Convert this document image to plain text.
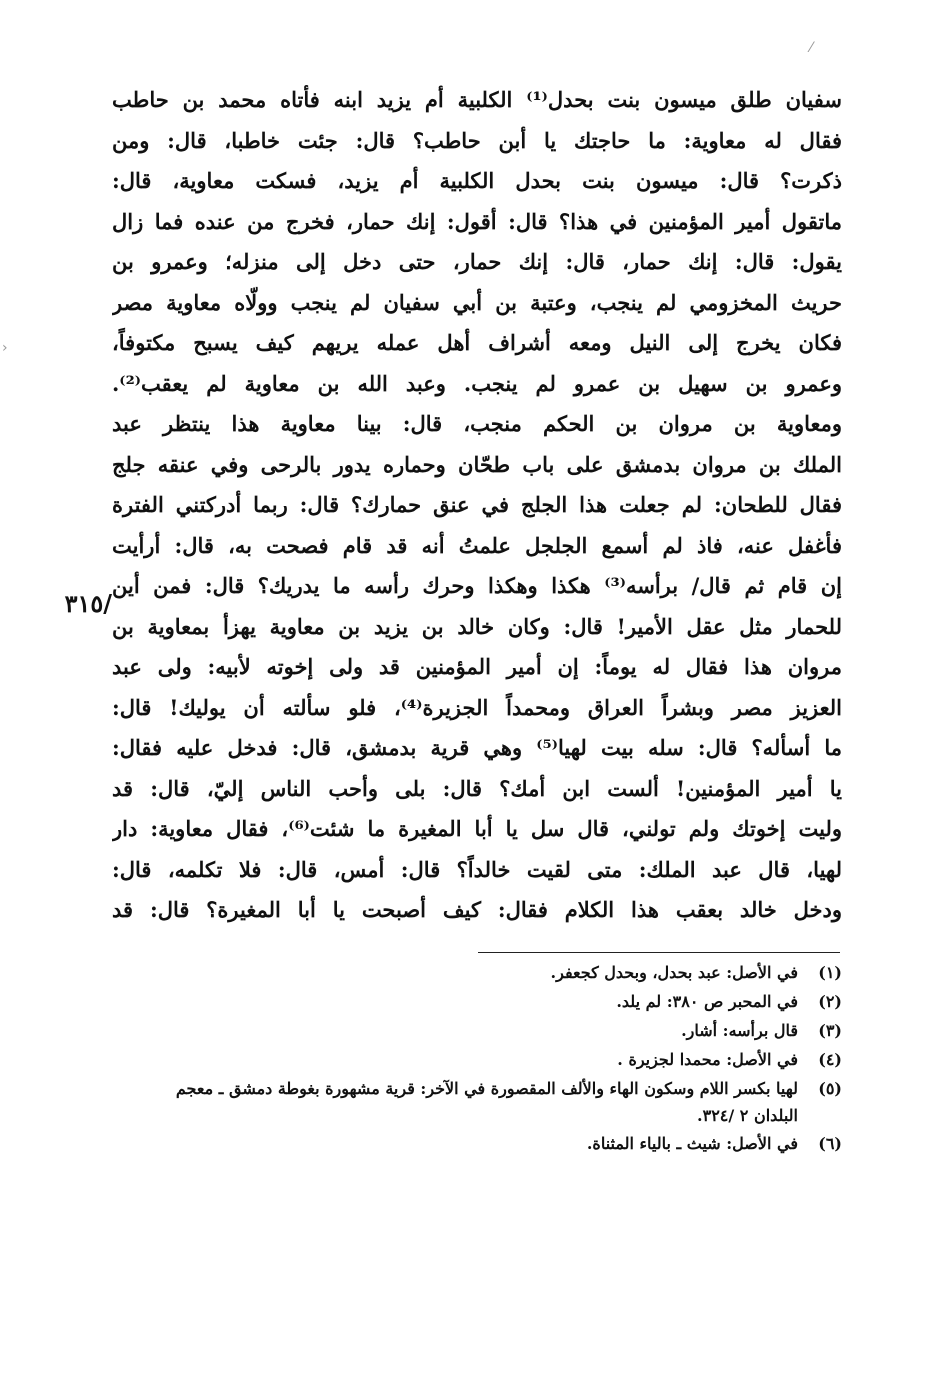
/٣١٥
سفيان طلق ميسون بنت بحدل⁽¹⁾ الكلبية أم يزيد ابنه فأتاه محمد بن حاطب
فقال له معاوية: ما حاجتك يا أبن حاطب؟ قال: جئت خاطبا، قال: ومن
ذكرت؟ قال: ميسون بنت بحدل الكلبية أم يزيد، فسكت معاوية، قال:
ماتقول أمير المؤمنين في هذا؟ قال: أقول: إنك حمار، فخرج من عنده فما زال
يقول: قال: إنك حمار، قال: إنك حمار، حتى دخل إلى منزله؛ وعمرو بن
حريث المخزومي لم ينجب، وعتبة بن أبي سفيان لم ينجب وولّاه معاوية مصر
فكان يخرج إلى النيل ومعه أشراف أهل عمله يريهم كيف يسبح مكتوفاً،
وعمرو بن سهيل بن عمرو لم ينجب. وعبد الله بن معاوية لم يعقب⁽²⁾.
ومعاوية بن مروان بن الحكم منجب، قال: بينا معاوية هذا ينتظر عبد
الملك بن مروان بدمشق على باب طحّان وحماره يدور بالرحى وفي عنقه جلج
فقال للطحان: لم جعلت هذا الجلج في عنق حمارك؟ قال: ربما أدركتني الفترة
فأغفل عنه، فاذ لم أسمع الجلجل علمتُ أنه قد قام فصحت به، قال: أرأيت
إن قام ثم قال/ برأسه⁽³⁾ هكذا وهكذا وحرك رأسه ما يدريك؟ قال: فمن أين
للحمار مثل عقل الأمير! قال: وكان خالد بن يزيد بن معاوية يهزأ بمعاوية بن
مروان هذا فقال له يوماً: إن أمير المؤمنين قد ولى إخوته لأبيه: ولى عبد
العزيز مصر وبشراً العراق ومحمداً الجزيرة⁽⁴⁾، فلو سألته أن يوليك! قال:
ما أسأله؟ قال: سله بيت لهيا⁽⁵⁾ وهي قرية بدمشق، قال: فدخل عليه فقال:
يا أمير المؤمنين! ألست ابن أمك؟ قال: بلى وأحب الناس إليّ، قال: قد
وليت إخوتك ولم تولني، قال سل يا أبا المغيرة ما شئت⁽⁶⁾، فقال معاوية: دار
لهيا، قال عبد الملك: متى لقيت خالداً؟ قال: أمس، قال: فلا تكلمه، قال:
ودخل خالد بعقب هذا الكلام فقال: كيف أصبحت يا أبا المغيرة؟ قال: قد
(١)
في الأصل: عبد بحدل، وبحدل كجعفر.
(٢)
في المحبر ص ٣٨٠: لم يلد.
(٣)
قال برأسه: أشار.
(٤)
في الأصل: محمدا لجزيرة .
(٥)
لهيا بكسر اللام وسكون الهاء والألف المقصورة في الآخر: قرية مشهورة بغوطة دمشق ـ معجم
البلدان ٢ /٣٢٤.
(٦)
في الأصل: شيث ـ بالياء المثناة.
⁄
›
